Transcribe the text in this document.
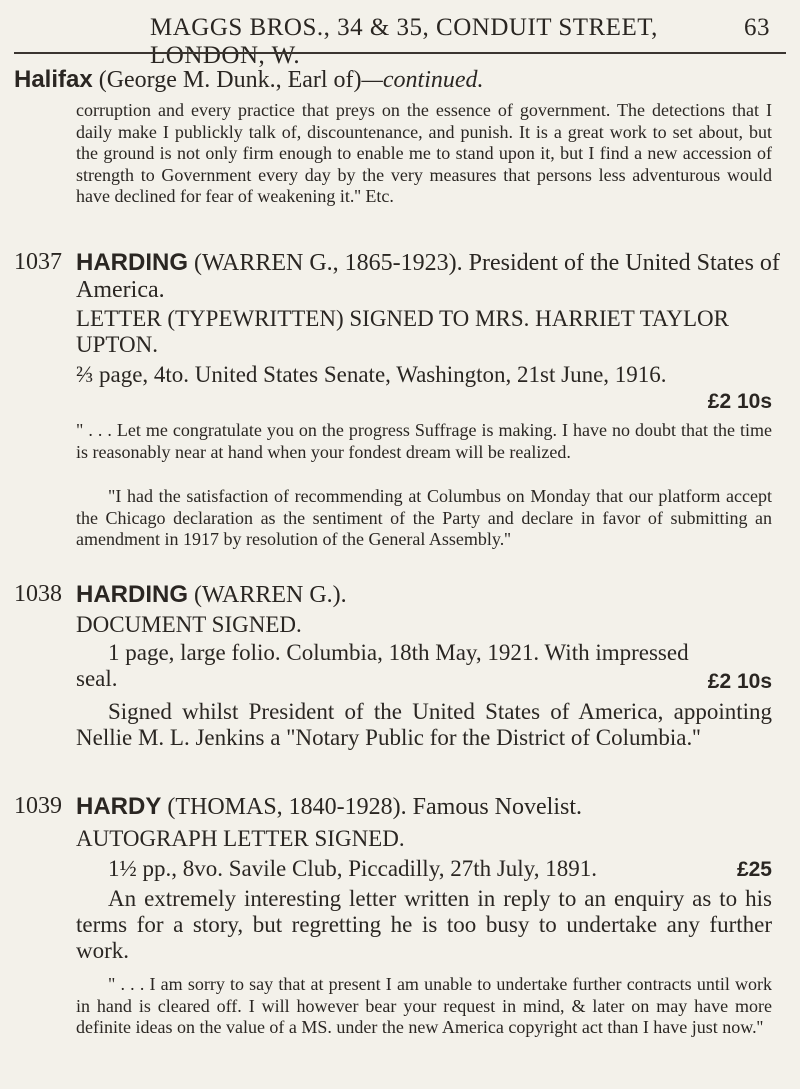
MAGGS BROS., 34 & 35, CONDUIT STREET, LONDON, W.
63
Halifax (George M. Dunk., Earl of)—continued.
corruption and every practice that preys on the essence of government. The detections that I daily make I publickly talk of, discountenance, and punish. It is a great work to set about, but the ground is not only firm enough to enable me to stand upon it, but I find a new accession of strength to Government every day by the very measures that persons less adventurous would have declined for fear of weakening it.'' Etc.
1037 HARDING (WARREN G., 1865-1923). President of the United States of America.
LETTER (TYPEWRITTEN) SIGNED TO MRS. HARRIET TAYLOR UPTON.
⅔ page, 4to. United States Senate, Washington, 21st June, 1916.
£2 10s
" . . . Let me congratulate you on the progress Suffrage is making. I have no doubt that the time is reasonably near at hand when your fondest dream will be realized.
"I had the satisfaction of recommending at Columbus on Monday that our platform accept the Chicago declaration as the sentiment of the Party and declare in favor of submitting an amendment in 1917 by resolution of the General Assembly.''
1038 HARDING (WARREN G.).
DOCUMENT SIGNED.
1 page, large folio. Columbia, 18th May, 1921. With impressed seal.	£2 10s
Signed whilst President of the United States of America, appointing Nellie M. L. Jenkins a "Notary Public for the District of Columbia.''
1039 HARDY (THOMAS, 1840-1928). Famous Novelist.
AUTOGRAPH LETTER SIGNED.
1½ pp., 8vo. Savile Club, Piccadilly, 27th July, 1891.	£25
An extremely interesting letter written in reply to an enquiry as to his terms for a story, but regretting he is too busy to undertake any further work.
" . . . I am sorry to say that at present I am unable to undertake further contracts until work in hand is cleared off. I will however bear your request in mind, & later on may have more definite ideas on the value of a MS. under the new America copyright act than I have just now.''
